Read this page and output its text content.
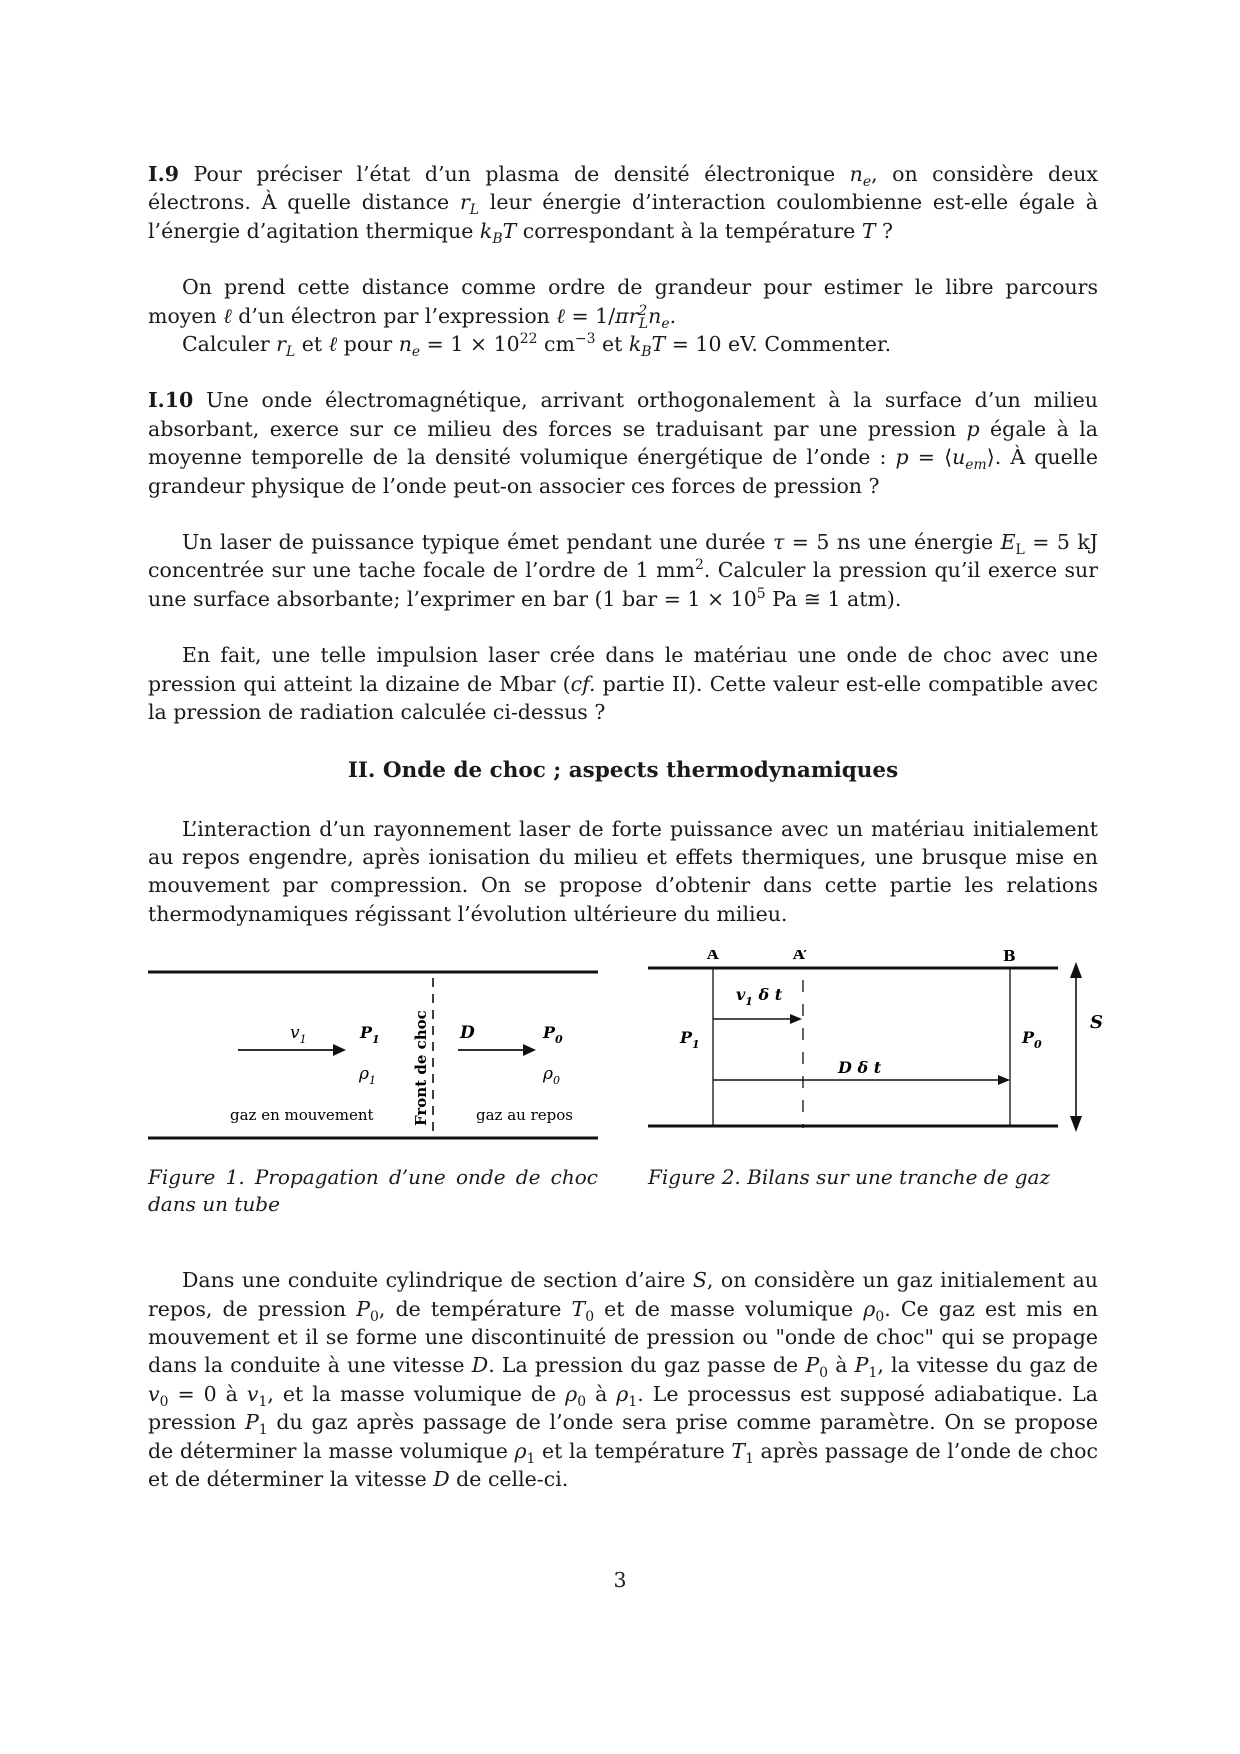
I.9 Pour préciser l’état d’un plasma de densité électronique $n_e$, on considère deux électrons. À quelle distance $r_L$ leur énergie d’interaction coulombienne est-elle égale à l’énergie d’agitation thermique $k_BT$ correspondant à la température T ?

On prend cette distance comme ordre de grandeur pour estimer le libre parcours moyen ℓ d’un électron par l’expression ℓ = $1/\pi r^2_Ln_e$.

Calculer $r_L$ et ℓ pour $n_e = 1 \times 10^{22}$ $cm^{-3}$ et $k_BT = 10$ eV. Commenter.

I.10 Une onde électromagnétique, arrivant orthogonalement à la surface d’un milieu absorbant, exerce sur ce milieu des forces se traduisant par une pression p égale à la moyenne temporelle de la densité volumique énergétique de l’onde : $p = ⟨u_{em}⟩$. À quelle grandeur physique de l’onde peut-on associer ces forces de pression ?

Un laser de puissance typique émet pendant une durée τ = 5 ns une énergie $E_L = 5$ kJ concentrée sur une tache focale de l’ordre de 1 $mm^2$. Calculer la pression qu’il exerce sur une surface absorbante; l’exprimer en bar (1 bar = $1 \times 10^5$ Pa ≅ 1 atm).

En fait, une telle impulsion laser crée dans le matériau une onde de choc avec une pression qui atteint la dizaine de Mbar (cf. partie II). Cette valeur est-elle compatible avec la pression de radiation calculée ci-dessus ?

II. Onde de choc ; aspects thermodynamiques

L’interaction d’un rayonnement laser de forte puissance avec un matériau initialement au repos engendre, après ionisation du milieu et effets thermiques, une brusque mise en mouvement par compression. On se propose d’obtenir dans cette partie les relations thermodynamiques régissant l’évolution ultérieure du milieu.

$v_1$	$P_1$
$\rho_1$ Front de choc D	$P_0$
$\rho_0$
gaz en mouvement	gaz au repos
Figure 1. Propagation d’une onde de choc dans un tube
A	A’	B
$v_1$ δ t
$P_1$	$P_0$
D δ t
S
Figure 2. Bilans sur une tranche de gaz

Dans une conduite cylindrique de section d’aire S, on considère un gaz initialement au repos, de pression $P_0$, de température $T_0$ et de masse volumique $\rho_0$. Ce gaz est mis en mouvement et il se forme une discontinuité de pression ou "onde de choc" qui se propage dans la conduite à une vitesse D. La pression du gaz passe de $P_0$ à $P_1$, la vitesse du gaz de $v_0 = 0$ à $v_1$, et la masse volumique de $\rho_0$ à $\rho_1$. Le processus est supposé adiabatique. La pression $P_1$ du gaz après passage de l’onde sera prise comme paramètre. On se propose de déterminer la masse volumique $\rho_1$ et la température $T_1$ après passage de l’onde de choc et de déterminer la vitesse D de celle-ci.

3
